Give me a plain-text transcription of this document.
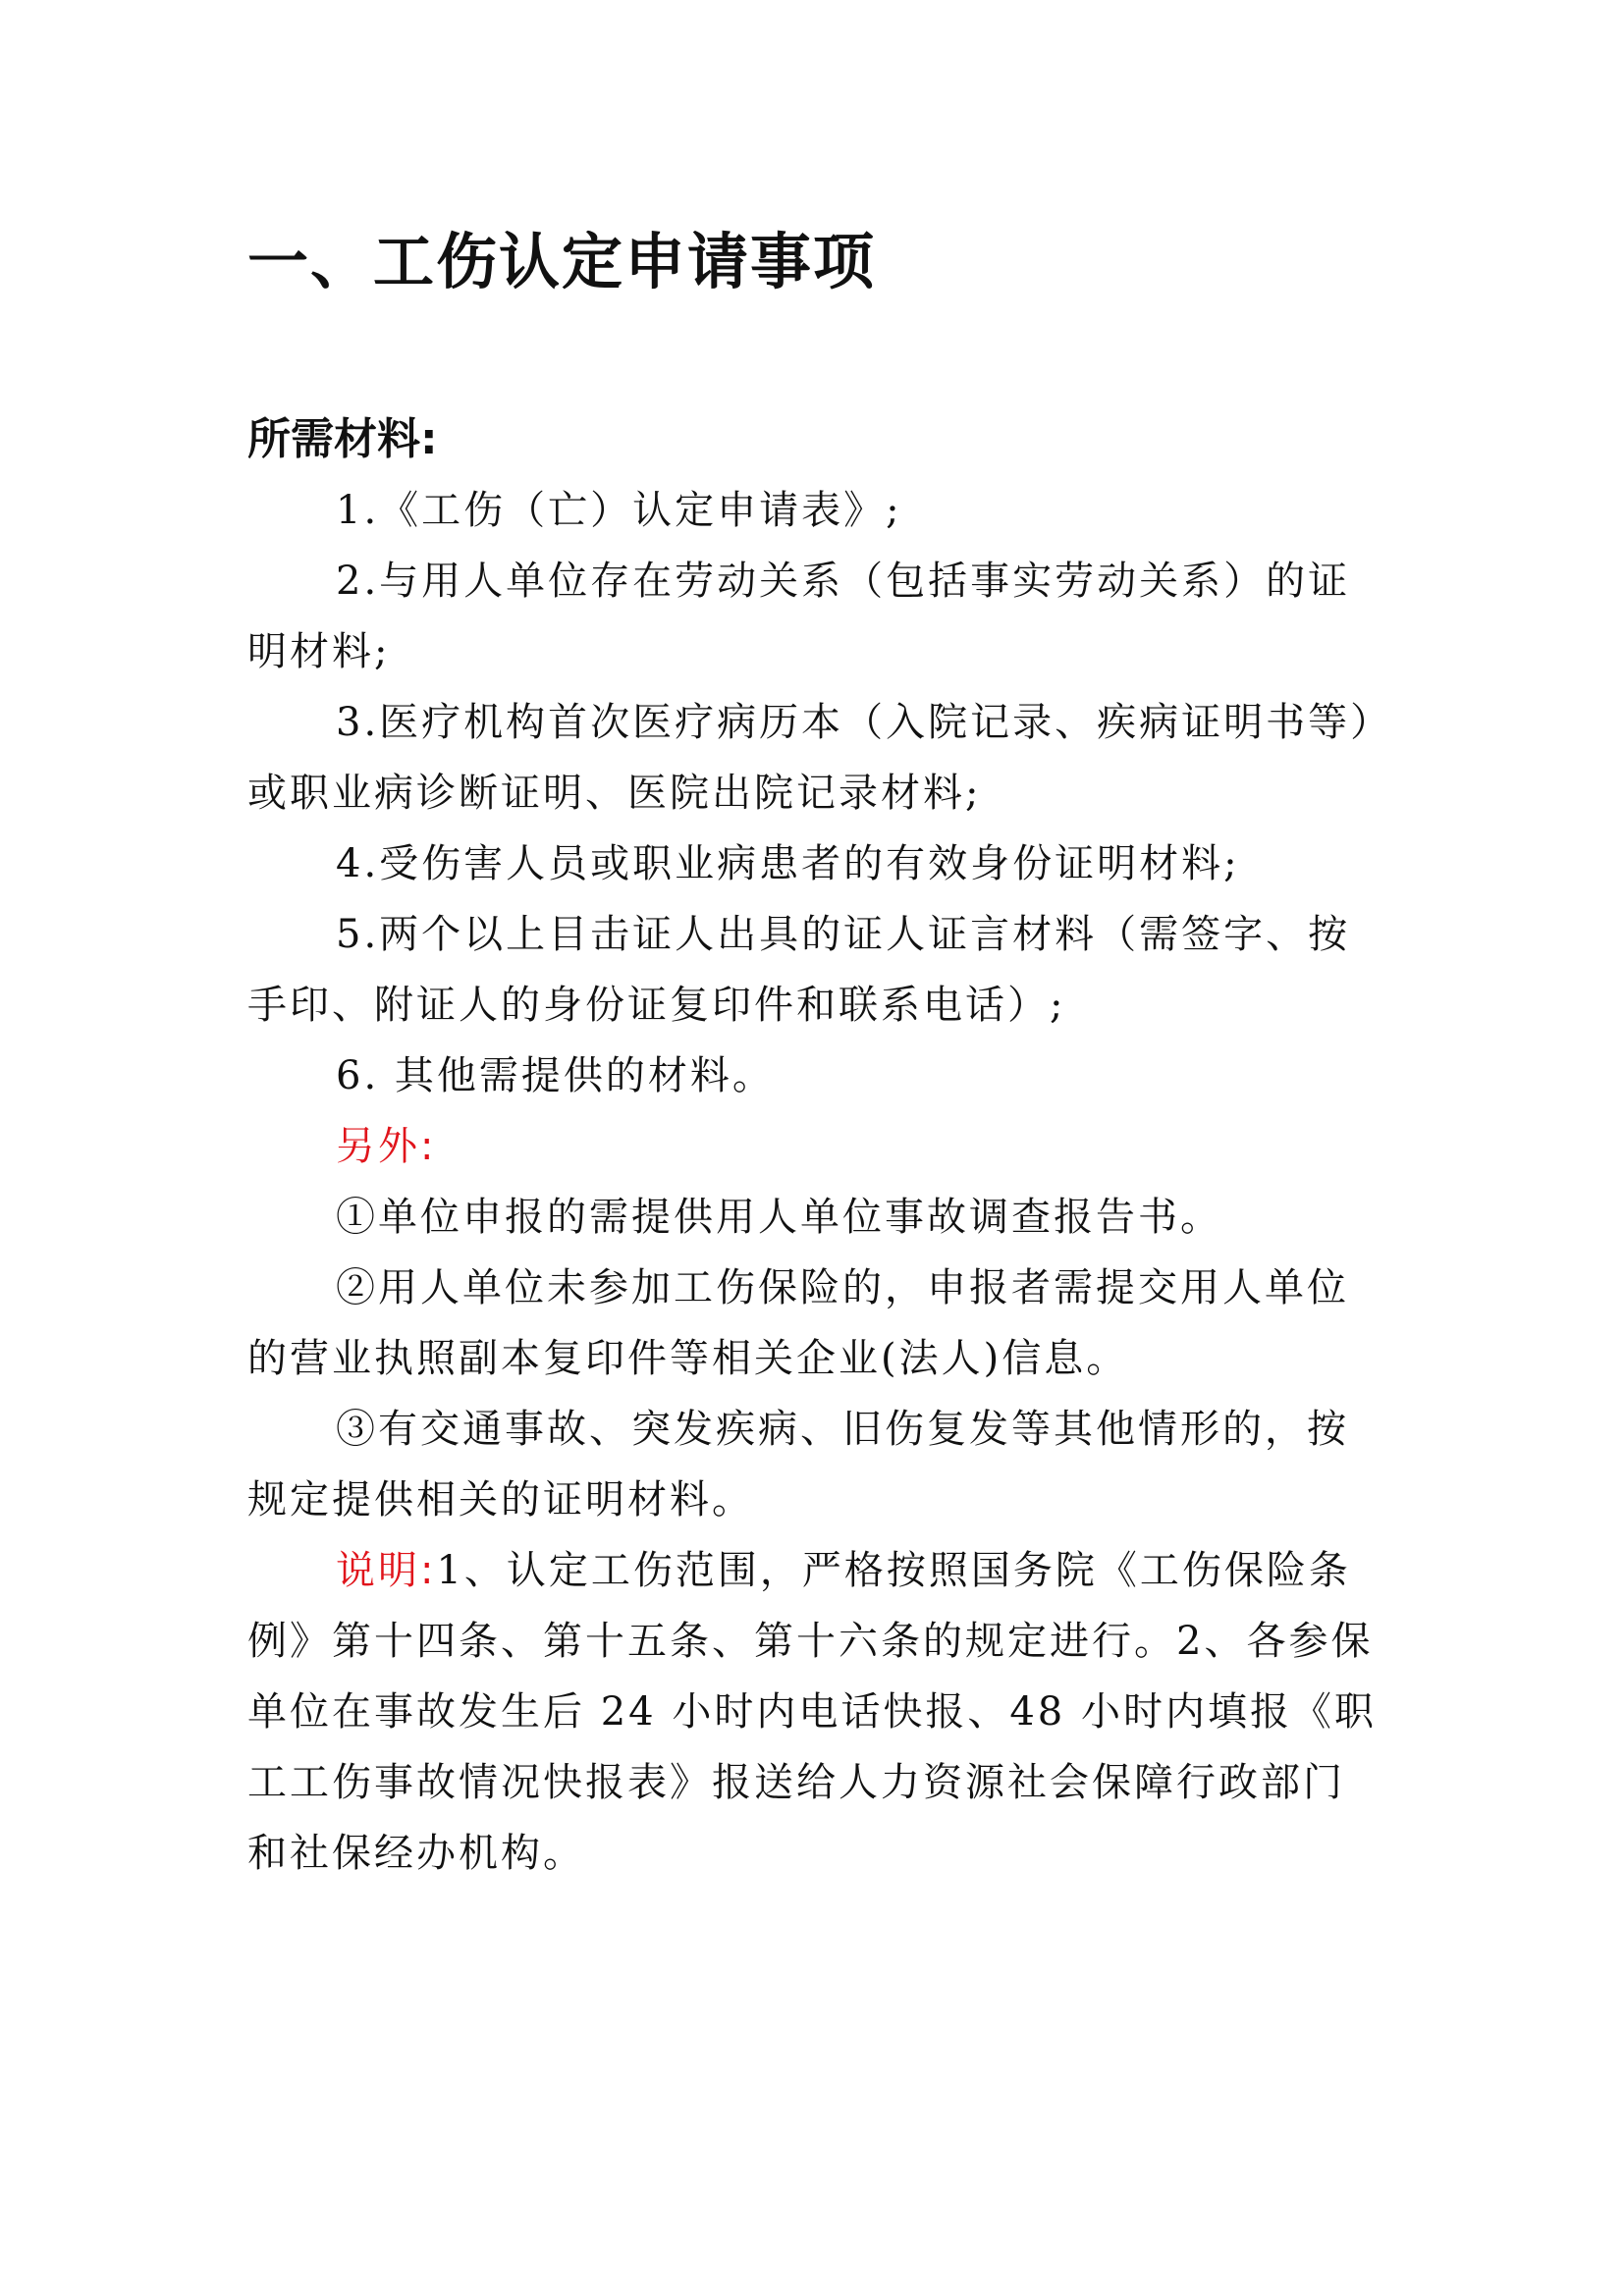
一、工伤认定申请事项
所需材料:

1.《工伤（亡）认定申请表》;

2.与用人单位存在劳动关系（包括事实劳动关系）的证明材料;

3.医疗机构首次医疗病历本（入院记录、疾病证明书等）或职业病诊断证明、医院出院记录材料;

4.受伤害人员或职业病患者的有效身份证明材料;

5.两个以上目击证人出具的证人证言材料（需签字、按手印、附证人的身份证复印件和联系电话）;

6. 其他需提供的材料。

另外:

①单位申报的需提供用人单位事故调查报告书。

②用人单位未参加工伤保险的，申报者需提交用人单位的营业执照副本复印件等相关企业(法人)信息。

③有交通事故、突发疾病、旧伤复发等其他情形的，按规定提供相关的证明材料。

说明:1、认定工伤范围，严格按照国务院《工伤保险条例》第十四条、第十五条、第十六条的规定进行。2、各参保单位在事故发生后 24 小时内电话快报、48 小时内填报《职工工伤事故情况快报表》报送给人力资源社会保障行政部门和社保经办机构。
